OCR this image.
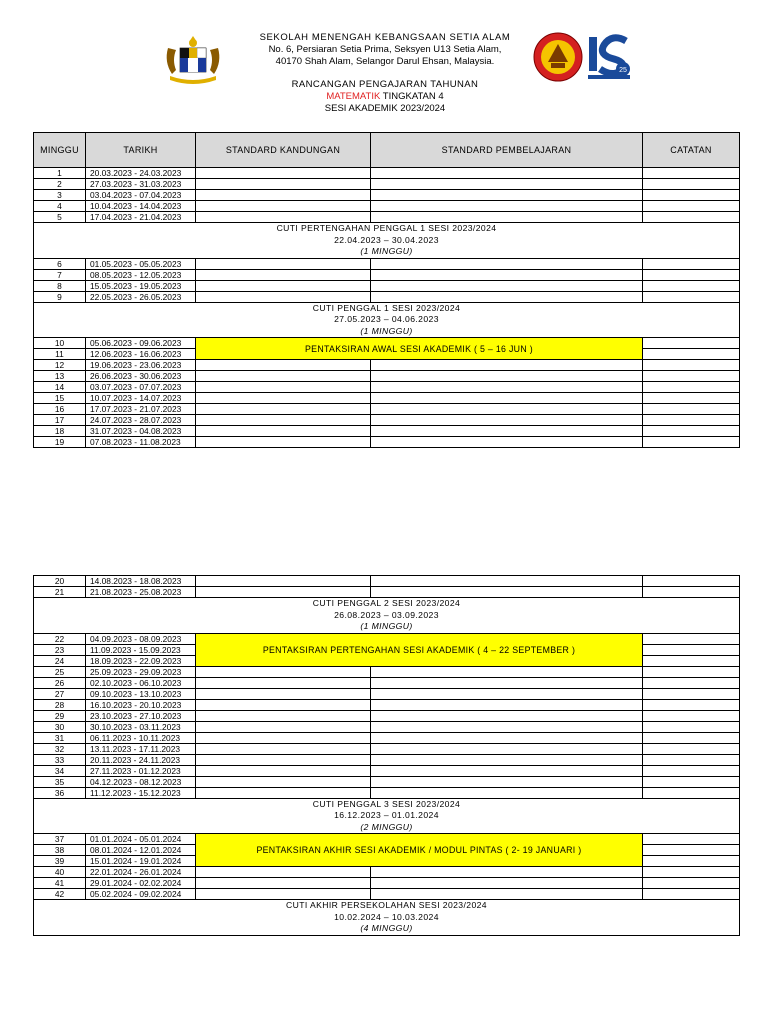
25
SEKOLAH MENENGAH KEBANGSAAN SETIA ALAM
No. 6, Persiaran Setia Prima, Seksyen U13 Setia Alam,
40170 Shah Alam, Selangor Darul Ehsan, Malaysia.
RANCANGAN PENGAJARAN TAHUNAN
MATEMATIK TINGKATAN 4
SESI AKADEMIK 2023/2024
MINGGU	TARIKH	STANDARD KANDUNGAN	STANDARD PEMBELAJARAN	CATATAN
1	20.03.2023 - 24.03.2023			
2	27.03.2023 - 31.03.2023			
3	03.04.2023 - 07.04.2023			
4	10.04.2023 - 14.04.2023			
5	17.04.2023 - 21.04.2023			

CUTI PERTENGAHAN PENGGAL 1 SESI 2023/2024
22.04.2023 – 30.04.2023
(1 MINGGU)				

6	01.05.2023 - 05.05.2023			
7	08.05.2023 - 12.05.2023			
8	15.05.2023 - 19.05.2023			
9	22.05.2023 - 26.05.2023			

CUTI PENGGAL 1 SESI 2023/2024
27.05.2023 – 04.06.2023
(1 MINGGU)				

10	05.06.2023 - 09.06.2023	PENTAKSIRAN AWAL SESI AKADEMIK ( 5 – 16 JUN )		
11	12.06.2023 - 16.06.2023			
12	19.06.2023 - 23.06.2023			
13	26.06.2023 - 30.06.2023			
14	03.07.2023 - 07.07.2023			
15	10.07.2023 - 14.07.2023			
16	17.07.2023 - 21.07.2023			
17	24.07.2023 - 28.07.2023			
18	31.07.2023 - 04.08.2023			
19	07.08.2023 - 11.08.2023			
20	14.08.2023 - 18.08.2023			
21	21.08.2023 - 25.08.2023			

CUTI PENGGAL 2 SESI 2023/2024
26.08.2023 – 03.09.2023
(1 MINGGU)				

22	04.09.2023 - 08.09.2023	PENTAKSIRAN PERTENGAHAN SESI AKADEMIK ( 4 – 22 SEPTEMBER )		
23	11.09.2023 - 15.09.2023			
24	18.09.2023 - 22.09.2023			
25	25.09.2023 - 29.09.2023			
26	02.10.2023 - 06.10.2023			
27	09.10.2023 - 13.10.2023			
28	16.10.2023 - 20.10.2023			
29	23.10.2023 - 27.10.2023			
30	30.10.2023 - 03.11.2023			
31	06.11.2023 - 10.11.2023			
32	13.11.2023 - 17.11.2023			
33	20.11.2023 - 24.11.2023			
34	27.11.2023 - 01.12.2023			
35	04.12.2023 - 08.12.2023			
36	11.12.2023 - 15.12.2023			

CUTI PENGGAL 3 SESI 2023/2024
16.12.2023 – 01.01.2024
(2 MINGGU)				

37	01.01.2024 - 05.01.2024	PENTAKSIRAN AKHIR SESI AKADEMIK / MODUL PINTAS ( 2- 19 JANUARI )		
38	08.01.2024 - 12.01.2024			
39	15.01.2024 - 19.01.2024			
40	22.01.2024 - 26.01.2024			
41	29.01.2024 - 02.02.2024			
42	05.02.2024 - 09.02.2024			

CUTI AKHIR PERSEKOLAHAN SESI 2023/2024
10.02.2024 – 10.03.2024
(4 MINGGU)				
